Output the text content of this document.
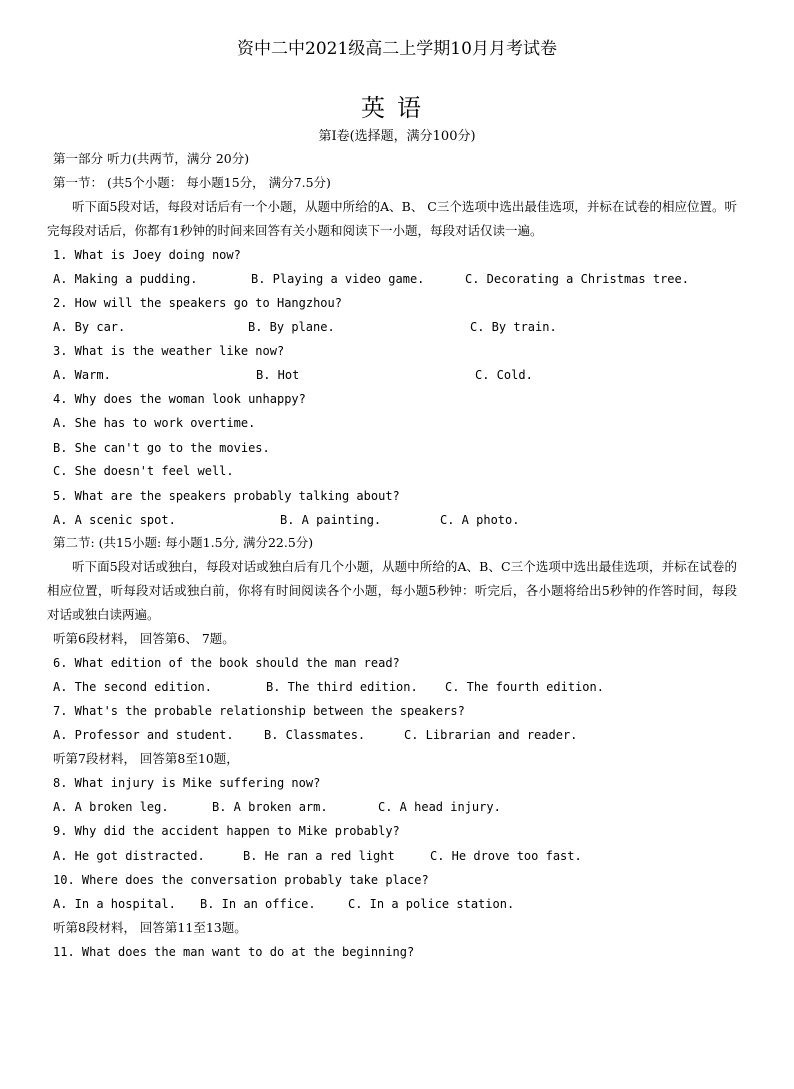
资中二中2021级高二上学期10月月考试卷
英语
第Ⅰ卷(选择题，满分100分)
第一部分 听力(共两节，满分 20分)
第一节： (共5个小题： 每小题15分， 满分7.5分)
听下面5段对话，每段对话后有一个小题，从题中所给的A、B、 C三个选项中选出最佳选项，并标在试卷的相应位置。听完每段对话后，你都有1秒钟的时间来回答有关小题和阅读下一小题，每段对话仅读一遍。
1. What is Joey doing now?
A. Making a pudding.	B. Playing a video game.	C. Decorating a Christmas tree.
2. How will the speakers go to Hangzhou?
A. By car.	B. By plane.	C. By train.
3. What is the weather like now?
A. Warm.	B. Hot	C. Cold.
4. Why does the woman look unhappy?
A. She has to work overtime.
B. She can't go to the movies.
C. She doesn't feel well.
5. What are the speakers probably talking about?
A. A scenic spot.	B. A painting.	C. A photo.
第二节: (共15小题: 每小题1.5分, 满分22.5分)
听下面5段对话或独白，每段对话或独白后有几个小题，从题中所给的A、B、C三个选项中选出最佳选项，并标在试卷的相应位置，听每段对话或独白前，你将有时间阅读各个小题，每小题5秒钟：听完后，各小题将给出5秒钟的作答时间，每段对话或独白读两遍。
听第6段材料， 回答第6、 7题。
6. What edition of the book should the man read?
A. The second edition.	B. The third edition. C. The fourth edition.
7. What's the probable relationship between the speakers?
A. Professor and student.	B. Classmates.	C. Librarian and reader.
听第7段材料， 回答第8至10题，
8. What injury is Mike suffering now?
A. A broken leg.	B. A broken arm.	C. A head injury.
9. Why did the accident happen to Mike probably?
A. He got distracted.	B. He ran a red light	C. He drove too fast.
10. Where does the conversation probably take place?
A. In a hospital. B. In an office.	C. In a police station.
听第8段材料， 回答第11至13题。
11. What does the man want to do at the beginning?
